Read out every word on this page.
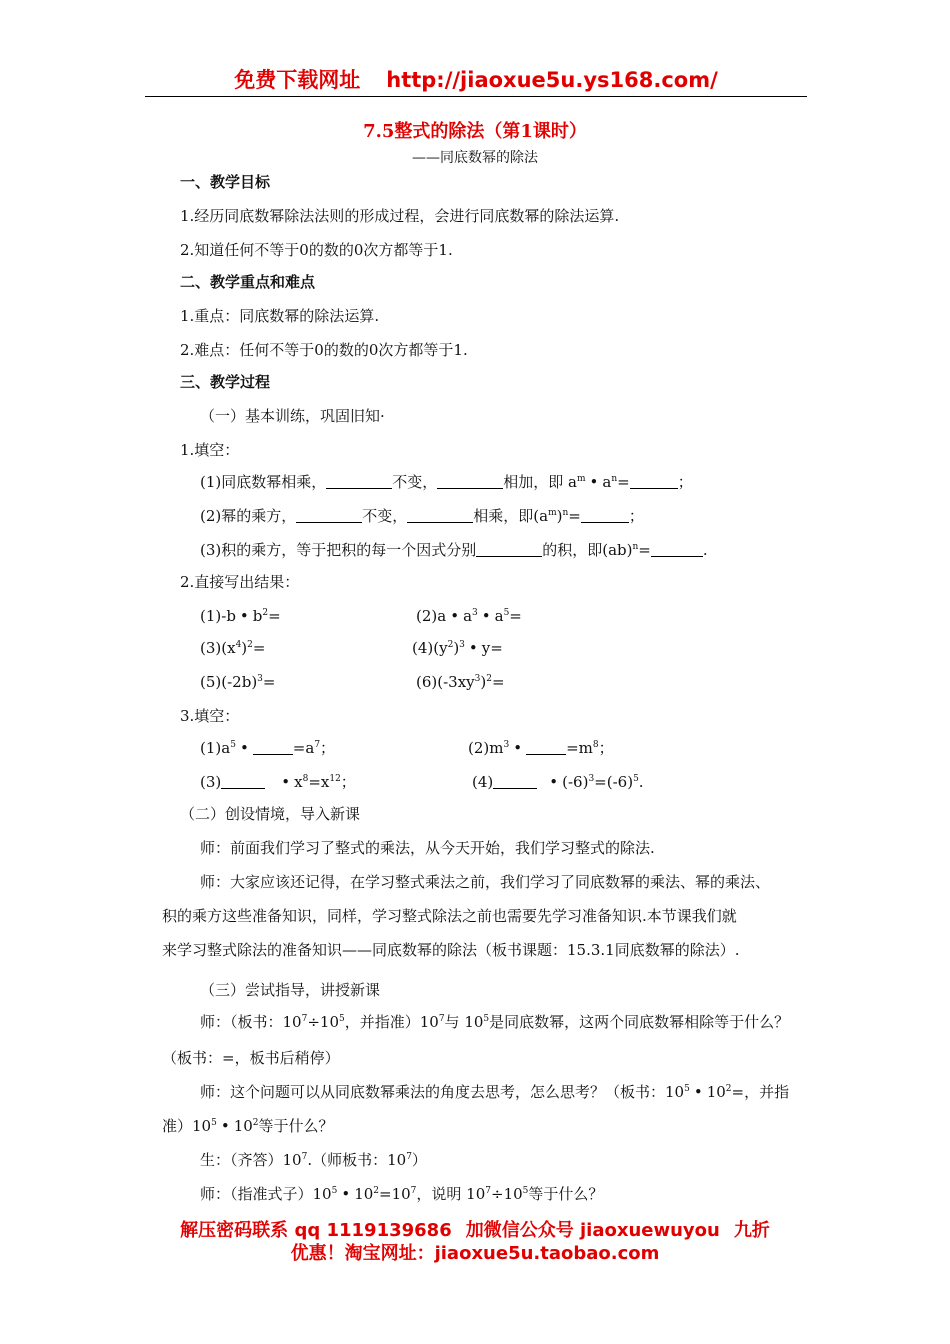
免费下载网址 http://jiaoxue5u.ys168.com/
7.5整式的除法（第1课时）
——同底数幂的除法
一、教学目标
1.经历同底数幂除法法则的形成过程，会进行同底数幂的除法运算.
2.知道任何不等于0的数的0次方都等于1.
二、教学重点和难点
1.重点：同底数幂的除法运算.
2.难点：任何不等于0的数的0次方都等于1.
三、教学过程
（一）基本训练，巩固旧知·
1.填空：
(1)同底数幂相乘，	不变，	相加，即 $a^m$ • $a^n=$	；
(2)幂的乘方，	不变，	相乘，即$(a^m)^n=$	；
(3)积的乘方，等于把积的每一个因式分别	的积，即(ab)$^n$=	.
2.直接写出结果：
(1)-b • $b^2=$	(2)a • $a^3$ • $a^5=$
$(3)(x^4)^2=$	$(4)(y^2)^3$ • y=
$(5)(-2b)^3=$	$(6)(-3xy^3)^2=$
3.填空：
$(1)a^5$ •	$=a^7$；	$(2)m^3$ •	$=m^8$；
(3)	• $x^8=x^{12}$；	(4)	• $(-6)^3=(-6)^5$.
（二）创设情境，导入新课
师：前面我们学习了整式的乘法，从今天开始，我们学习整式的除法.
师：大家应该还记得，在学习整式乘法之前，我们学习了同底数幂的乘法、幂的乘法、
积的乘方这些准备知识，同样，学习整式除法之前也需要先学习准备知识.本节课我们就
来学习整式除法的准备知识——同底数幂的除法（板书课题：15.3.1同底数幂的除法）.
（三）尝试指导，讲授新课
师：（板书：$10^7\div 10^5$，并指准）$10^7$与 $10^5$是同底数幂，这两个同底数幂相除等于什么？
（板书：=，板书后稍停）
师：这个问题可以从同底数幂乘法的角度去思考，怎么思考？（板书：$10^5$ • $10^2=$，并指
准）$10^5$ • $10^2$等于什么？
生：（齐答）$10^7$.（师板书：$10^7$）
师：（指准式子）$10^5$ • $10^2=10^7$，说明 $10^7\div 10^5$等于什么？
解压密码联系 qq 1119139686 加微信公众号 jiaoxuewuyou 九折
优惠！淘宝网址：jiaoxue5u.taobao.com
